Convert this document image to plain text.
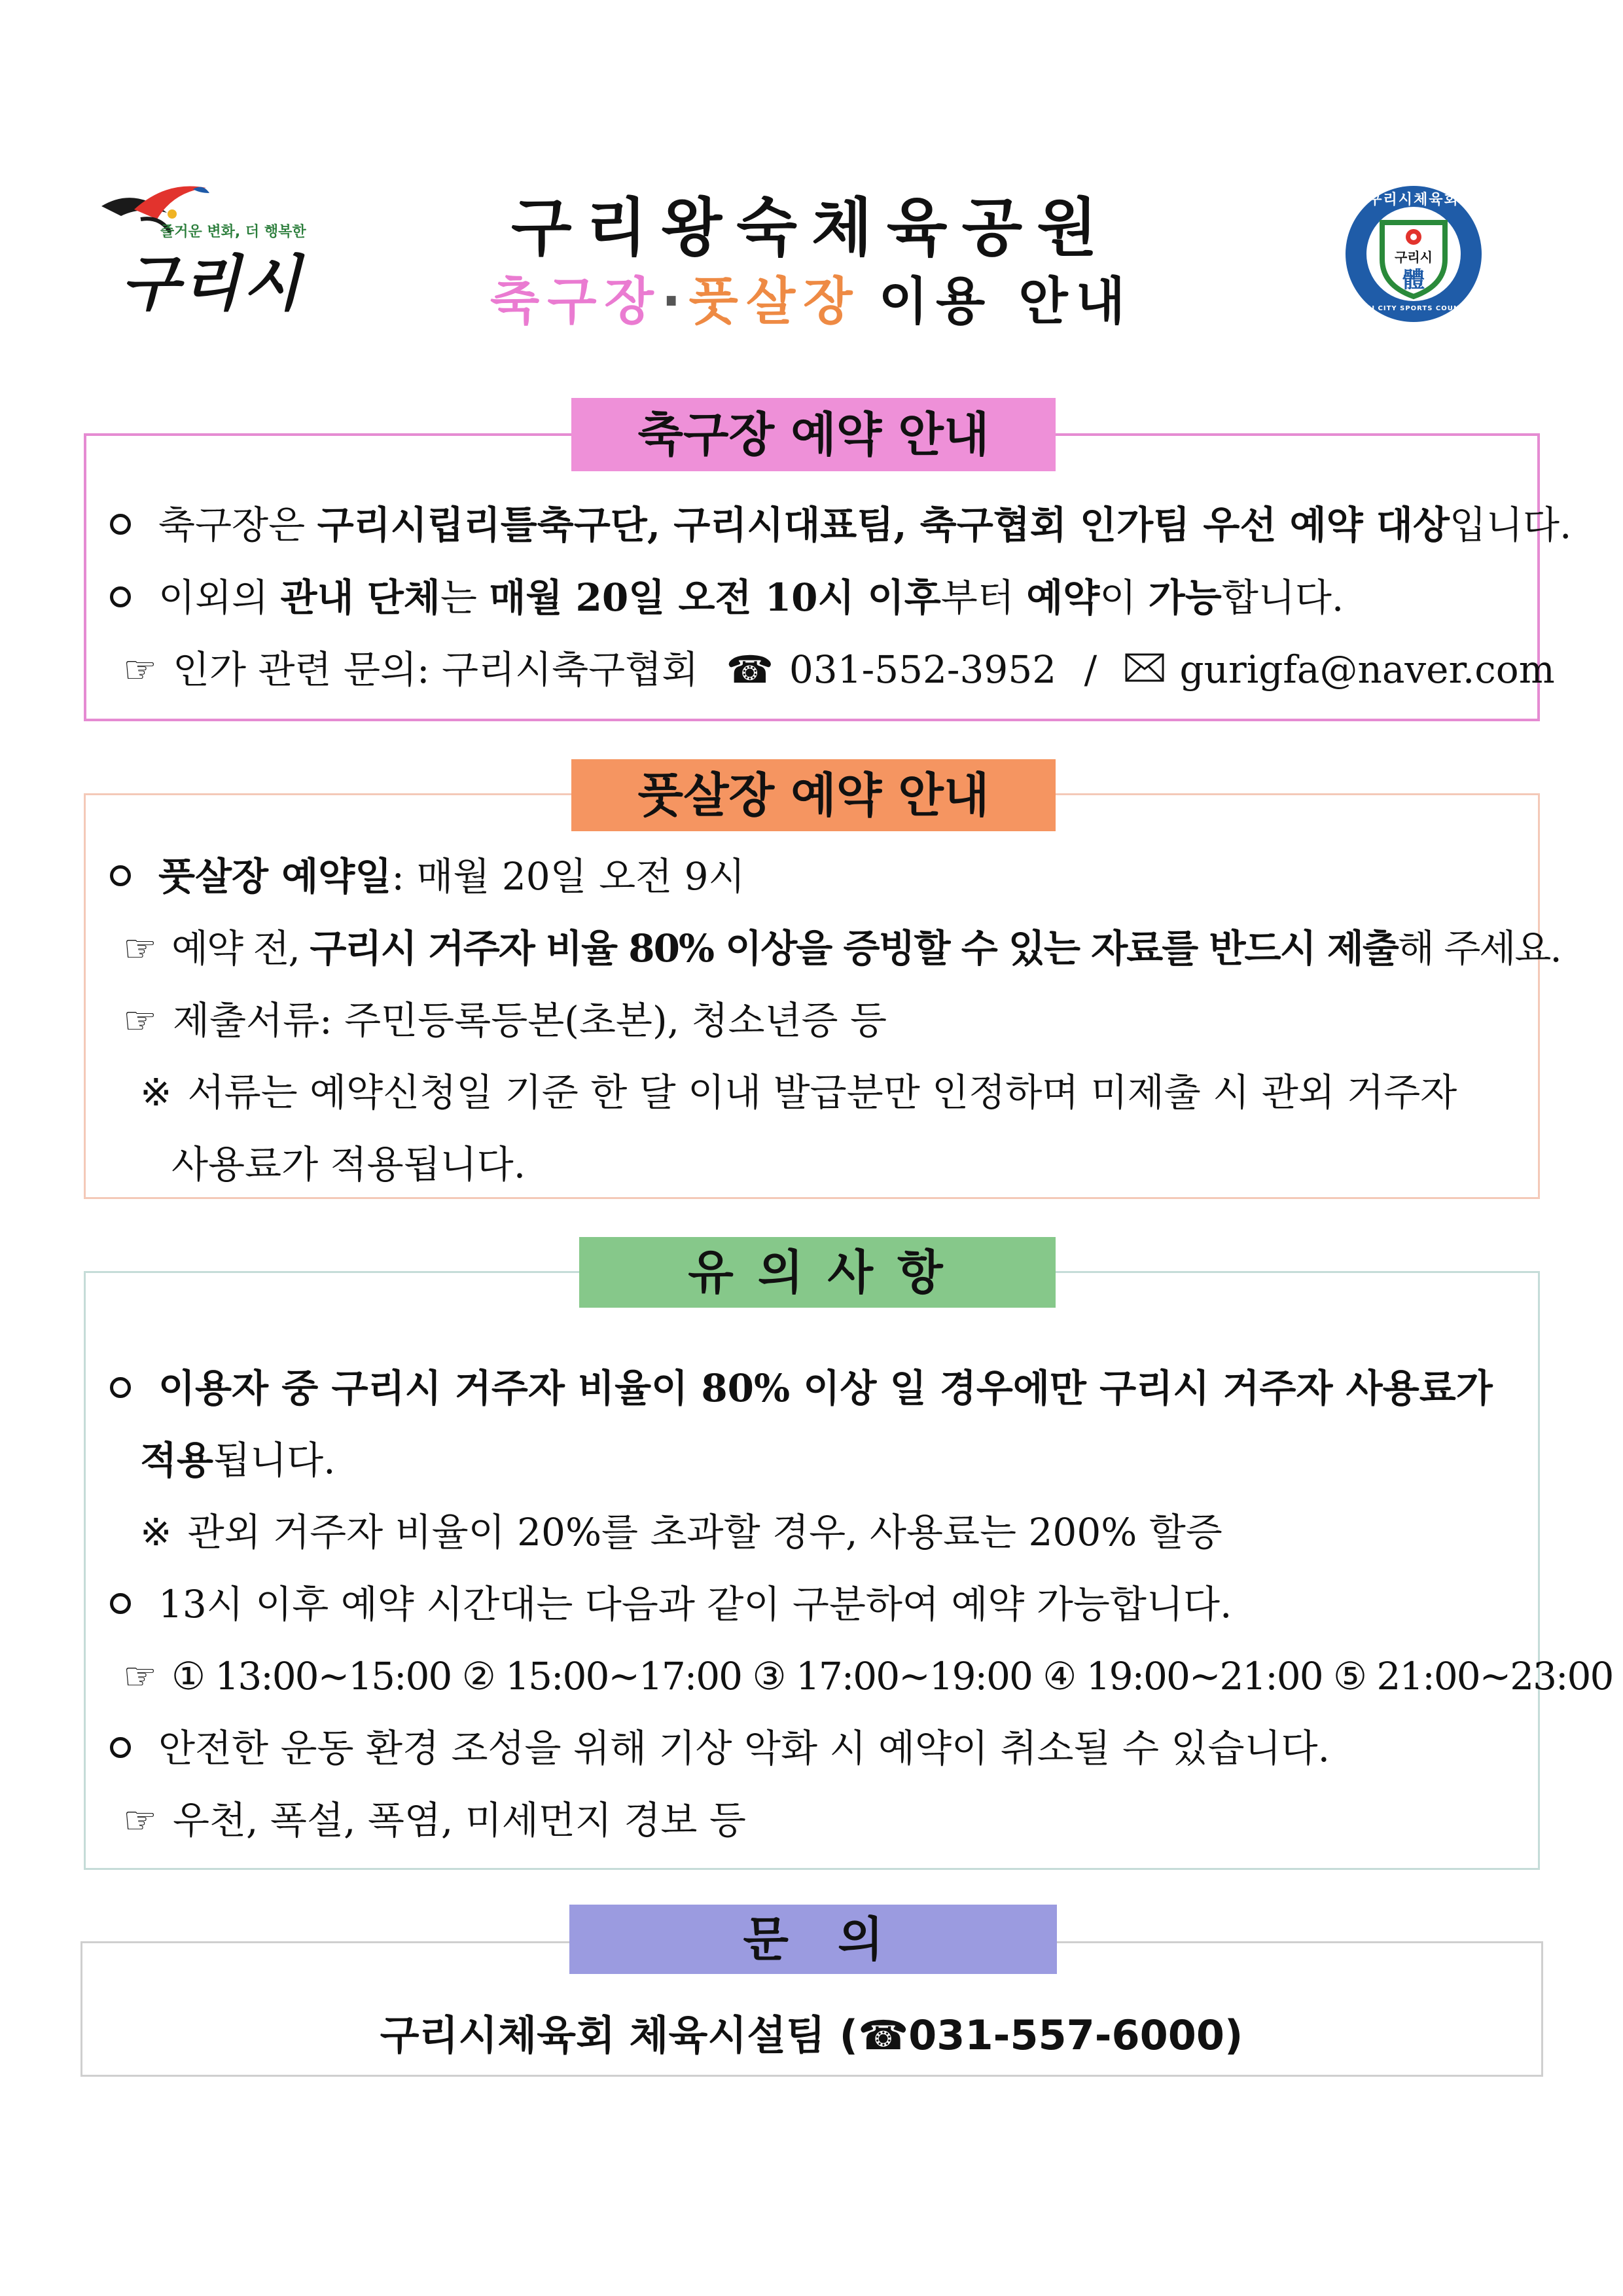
즐거운 변화, 더 행복한
구리시
구리왕숙체육공원
축구장·풋살장 이용 안내
구리시체육회
구리시
體
GURI CITY SPORTS COUNCIL
축구장 예약 안내
축구장은 구리시립리틀축구단, 구리시대표팀, 축구협회 인가팀 우선 예약 대상입니다.
이외의 관내 단체는 매월 20일 오전 10시 이후부터 예약이 가능합니다.
☞ 인가 관련 문의: 구리시축구협회 ☎ 031-552-3952 / gurigfa@naver.com
풋살장 예약 안내
풋살장 예약일: 매월 20일 오전 9시
☞ 예약 전, 구리시 거주자 비율 80% 이상을 증빙할 수 있는 자료를 반드시 제출해 주세요.
☞ 제출서류: 주민등록등본(초본), 청소년증 등
※ 서류는 예약신청일 기준 한 달 이내 발급분만 인정하며 미제출 시 관외 거주자
사용료가 적용됩니다.
유 의 사 항
이용자 중 구리시 거주자 비율이 80% 이상 일 경우에만 구리시 거주자 사용료가
적용됩니다.
※ 관외 거주자 비율이 20%를 초과할 경우, 사용료는 200% 할증
13시 이후 예약 시간대는 다음과 같이 구분하여 예약 가능합니다.
☞ ① 13:00~15:00 ② 15:00~17:00 ③ 17:00~19:00 ④ 19:00~21:00 ⑤ 21:00~23:00
안전한 운동 환경 조성을 위해 기상 악화 시 예약이 취소될 수 있습니다.
☞ 우천, 폭설, 폭염, 미세먼지 경보 등
문   의
구리시체육회 체육시설팀 (☎031-557-6000)
